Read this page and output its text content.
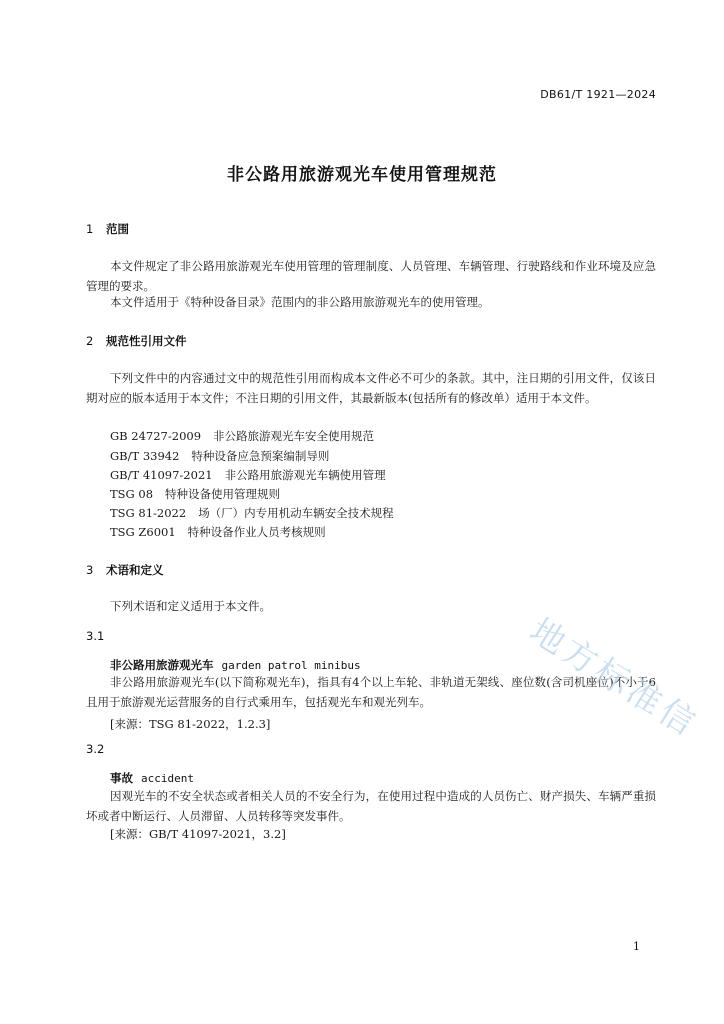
DB61/T 1921—2024
非公路用旅游观光车使用管理规范
1 范围
本文件规定了非公路用旅游观光车使用管理的管理制度、人员管理、车辆管理、行驶路线和作业环境及应急管理的要求。
本文件适用于《特种设备目录》范围内的非公路用旅游观光车的使用管理。
2 规范性引用文件
下列文件中的内容通过文中的规范性引用而构成本文件必不可少的条款。其中，注日期的引用文件，仅该日期对应的版本适用于本文件；不注日期的引用文件，其最新版本(包括所有的修改单）适用于本文件。
GB 24727-2009 非公路旅游观光车安全使用规范
GB/T 33942 特种设备应急预案编制导则
GB/T 41097-2021 非公路用旅游观光车辆使用管理
TSG 08 特种设备使用管理规则
TSG 81-2022 场（厂）内专用机动车辆安全技术规程
TSG Z6001 特种设备作业人员考核规则
3 术语和定义
下列术语和定义适用于本文件。
3.1
非公路用旅游观光车 garden patrol minibus
非公路用旅游观光车(以下简称观光车)，指具有4个以上车轮、非轨道无架线、座位数(含司机座位)不小于6且用于旅游观光运营服务的自行式乘用车，包括观光车和观光列车。
[来源：TSG 81-2022，1.2.3]
3.2
事故 accident
因观光车的不安全状态或者相关人员的不安全行为，在使用过程中造成的人员伤亡、财产损失、车辆严重损坏或者中断运行、人员滞留、人员转移等突发事件。
[来源：GB/T 41097-2021，3.2]
地方标准信
1
